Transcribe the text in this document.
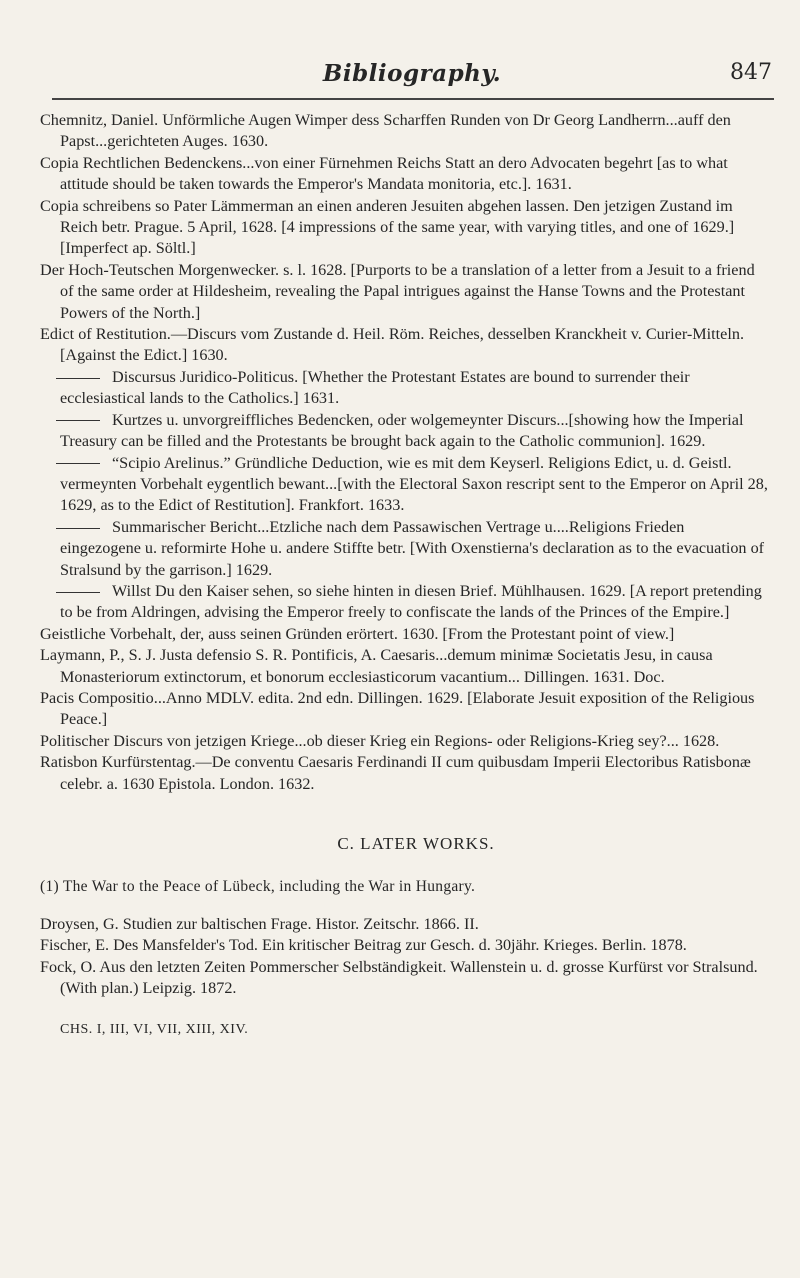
Bibliography.	847

Chemnitz, Daniel. Unförmliche Augen Wimper dess Scharffen Runden von Dr Georg Landherrn...auff den Papst...gerichteten Auges. 1630.

Copia Rechtlichen Bedenckens...von einer Fürnehmen Reichs Statt an dero Advocaten begehrt [as to what attitude should be taken towards the Emperor's Mandata monitoria, etc.]. 1631.

Copia schreibens so Pater Lämmerman an einen anderen Jesuiten abgehen lassen. Den jetzigen Zustand im Reich betr. Prague. 5 April, 1628. [4 impressions of the same year, with varying titles, and one of 1629.] [Imperfect ap. Söltl.]

Der Hoch-Teutschen Morgenwecker. s. l. 1628. [Purports to be a translation of a letter from a Jesuit to a friend of the same order at Hildesheim, revealing the Papal intrigues against the Hanse Towns and the Protestant Powers of the North.]

Edict of Restitution.—Discurs vom Zustande d. Heil. Röm. Reiches, desselben Kranckheit v. Curier-Mitteln. [Against the Edict.] 1630.

Discursus Juridico-Politicus. [Whether the Protestant Estates are bound to surrender their ecclesiastical lands to the Catholics.] 1631.

Kurtzes u. unvorgreiffliches Bedencken, oder wolgemeynter Discurs...[showing how the Imperial Treasury can be filled and the Protestants be brought back again to the Catholic communion]. 1629.

“Scipio Arelinus.” Gründliche Deduction, wie es mit dem Keyserl. Religions Edict, u. d. Geistl. vermeynten Vorbehalt eygentlich bewant...[with the Electoral Saxon rescript sent to the Emperor on April 28, 1629, as to the Edict of Restitution]. Frankfort. 1633.

Summarischer Bericht...Etzliche nach dem Passawischen Vertrage u....Religions Frieden eingezogene u. reformirte Hohe u. andere Stiffte betr. [With Oxenstierna's declaration as to the evacuation of Stralsund by the garrison.] 1629.

Willst Du den Kaiser sehen, so siehe hinten in diesen Brief. Mühlhausen. 1629. [A report pretending to be from Aldringen, advising the Emperor freely to confiscate the lands of the Princes of the Empire.]

Geistliche Vorbehalt, der, auss seinen Gründen erörtert. 1630. [From the Protestant point of view.]

Laymann, P., S. J. Justa defensio S. R. Pontificis, A. Caesaris...demum minimæ Societatis Jesu, in causa Monasteriorum extinctorum, et bonorum ecclesiasticorum vacantium... Dillingen. 1631. Doc.

Pacis Compositio...Anno MDLV. edita. 2nd edn. Dillingen. 1629. [Elaborate Jesuit exposition of the Religious Peace.]

Politischer Discurs von jetzigen Kriege...ob dieser Krieg ein Regions- oder Religions-Krieg sey?... 1628.

Ratisbon Kurfürstentag.—De conventu Caesaris Ferdinandi II cum quibusdam Imperii Electoribus Ratisbonæ celebr. a. 1630 Epistola. London. 1632.

C. LATER WORKS.

(1) The War to the Peace of Lübeck, including the War in Hungary.

Droysen, G. Studien zur baltischen Frage. Histor. Zeitschr. 1866. II.

Fischer, E. Des Mansfelder's Tod. Ein kritischer Beitrag zur Gesch. d. 30jähr. Krieges. Berlin. 1878.

Fock, O. Aus den letzten Zeiten Pommerscher Selbständigkeit. Wallenstein u. d. grosse Kurfürst vor Stralsund. (With plan.) Leipzig. 1872.

CHS. I, III, VI, VII, XIII, XIV.
